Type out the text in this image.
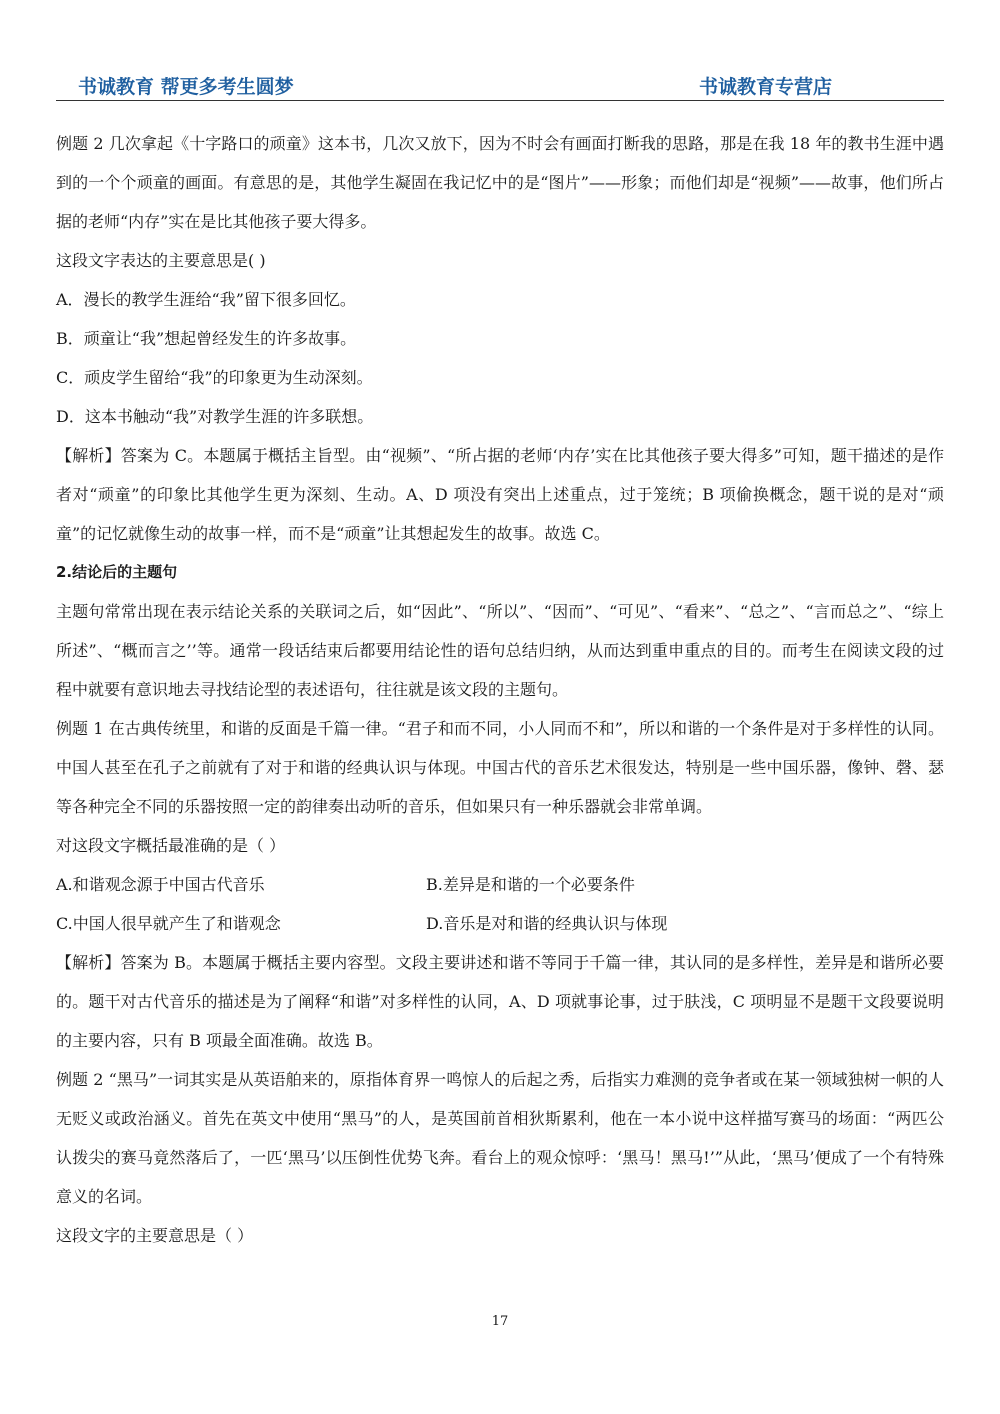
书诚教育 帮更多考生圆梦	书诚教育专营店

例题 2 几次拿起《十字路口的顽童》这本书，几次又放下，因为不时会有画面打断我的思路，那是在我 18 年的教书生涯中遇到的一个个顽童的画面。有意思的是，其他学生凝固在我记忆中的是“图片”——形象；而他们却是“视频”——故事，他们所占据的老师“内存”实在是比其他孩子要大得多。

这段文字表达的主要意思是( )

A．漫长的教学生涯给“我”留下很多回忆。

B．顽童让“我”想起曾经发生的许多故事。

C．顽皮学生留给“我”的印象更为生动深刻。

D．这本书触动“我”对教学生涯的许多联想。

【解析】答案为 C。本题属于概括主旨型。由“视频”、“所占据的老师‘内存’实在比其他孩子要大得多”可知，题干描述的是作者对“顽童”的印象比其他学生更为深刻、生动。A、D 项没有突出上述重点，过于笼统；B 项偷换概念，题干说的是对“顽童”的记忆就像生动的故事一样，而不是“顽童”让其想起发生的故事。故选 C。

2.结论后的主题句

主题句常常出现在表示结论关系的关联词之后，如“因此”、“所以”、“因而”、“可见”、“看来”、“总之”、“言而总之”、“综上所述”、“概而言之’’等。通常一段话结束后都要用结论性的语句总结归纳，从而达到重申重点的目的。而考生在阅读文段的过程中就要有意识地去寻找结论型的表述语句，往往就是该文段的主题句。

例题 1 在古典传统里，和谐的反面是千篇一律。“君子和而不同，小人同而不和”，所以和谐的一个条件是对于多样性的认同。中国人甚至在孔子之前就有了对于和谐的经典认识与体现。中国古代的音乐艺术很发达，特别是一些中国乐器，像钟、磬、瑟等各种完全不同的乐器按照一定的韵律奏出动听的音乐，但如果只有一种乐器就会非常单调。

对这段文字概括最准确的是（ ）

A.和谐观念源于中国古代音乐	B.差异是和谐的一个必要条件
C.中国人很早就产生了和谐观念	D.音乐是对和谐的经典认识与体现

【解析】答案为 B。本题属于概括主要内容型。文段主要讲述和谐不等同于千篇一律，其认同的是多样性，差异是和谐所必要的。题干对古代音乐的描述是为了阐释“和谐”对多样性的认同，A、D 项就事论事，过于肤浅，C 项明显不是题干文段要说明的主要内容，只有 B 项最全面准确。故选 B。

例题 2 “黑马”一词其实是从英语舶来的，原指体育界一鸣惊人的后起之秀，后指实力难测的竞争者或在某一领域独树一帜的人无贬义或政治涵义。首先在英文中使用“黑马”的人，是英国前首相狄斯累利，他在一本小说中这样描写赛马的场面：“两匹公认拨尖的赛马竟然落后了，一匹‘黑马’以压倒性优势飞奔。看台上的观众惊呼：‘黑马！黑马!’”从此，‘黑马’便成了一个有特殊意义的名词。

这段文字的主要意思是（ ）

17
